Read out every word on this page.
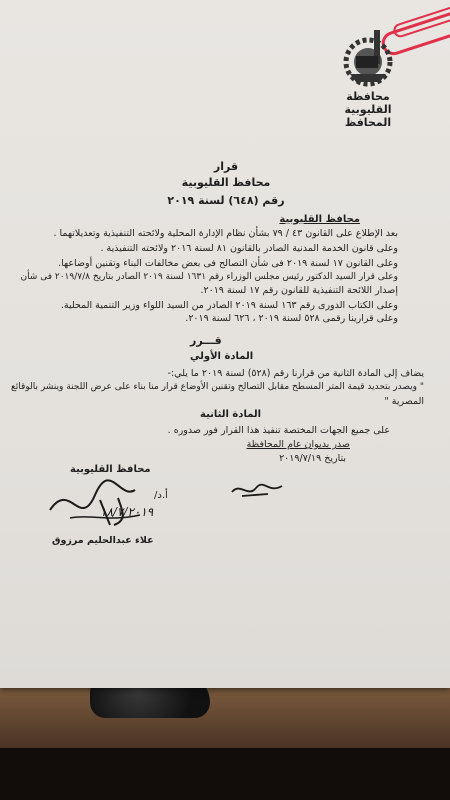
محافظة القليوبية
المحافظ
قرار
محافظ القليوبية
رقم (٦٤٨) لسنة ٢٠١٩
محافظ القليوبية
بعد الإطلاع على القانون ٤٣ / ٧٩ بشأن نظام الإدارة المحلية ولائحته التنفيذية وتعديلاتهما .
وعلى قانون الخدمة المدنية الصادر بالقانون ٨١ لسنة ٢٠١٦ ولائحته التنفيذية .
وعلى القانون ١٧ لسنة ٢٠١٩ فى شأن التصالح فى بعض مخالفات البناء وتقنين أوضاعها.
وعلى قرار السيد الدكتور رئيس مجلس الوزراء رقم ١٦٣١ لسنة ٢٠١٩ الصادر بتاريخ ٢٠١٩/٧/٨ فى شأن
إصدار اللائحة التنفيذية للقانون رقم ١٧ لسنة ٢٠١٩.
وعلى الكتاب الدورى رقم ١٦٣ لسنة ٢٠١٩ الصادر من السيد اللواء وزير التنمية المحلية.
وعلى قرارينا رقمى ٥٢٨ لسنة ٢٠١٩ ، ٦٢٦ لسنة ٢٠١٩.
قـــرر
المادة الأولي
يضاف إلى المادة الثانية من قرارنا رقم (٥٢٨) لسنة ٢٠١٩ ما يلي:-
" ويصدر بتحديد قيمة المتر المسطح مقابل التصالح وتقنين الأوضاع قرار منا بناء على عرض اللجنة وينشر بالوقائع
المصرية "
المادة الثانية
على جميع الجهات المختصة تنفيذ هذا القرار فور صدوره .
صدر بديوان عام المحافظة
بتاريخ ٢٠١٩/٧/١٩
محافظ القليوبية
أ.د/
علاء عبدالحليم مرزوق
١٨/٧/٢٠١٩
